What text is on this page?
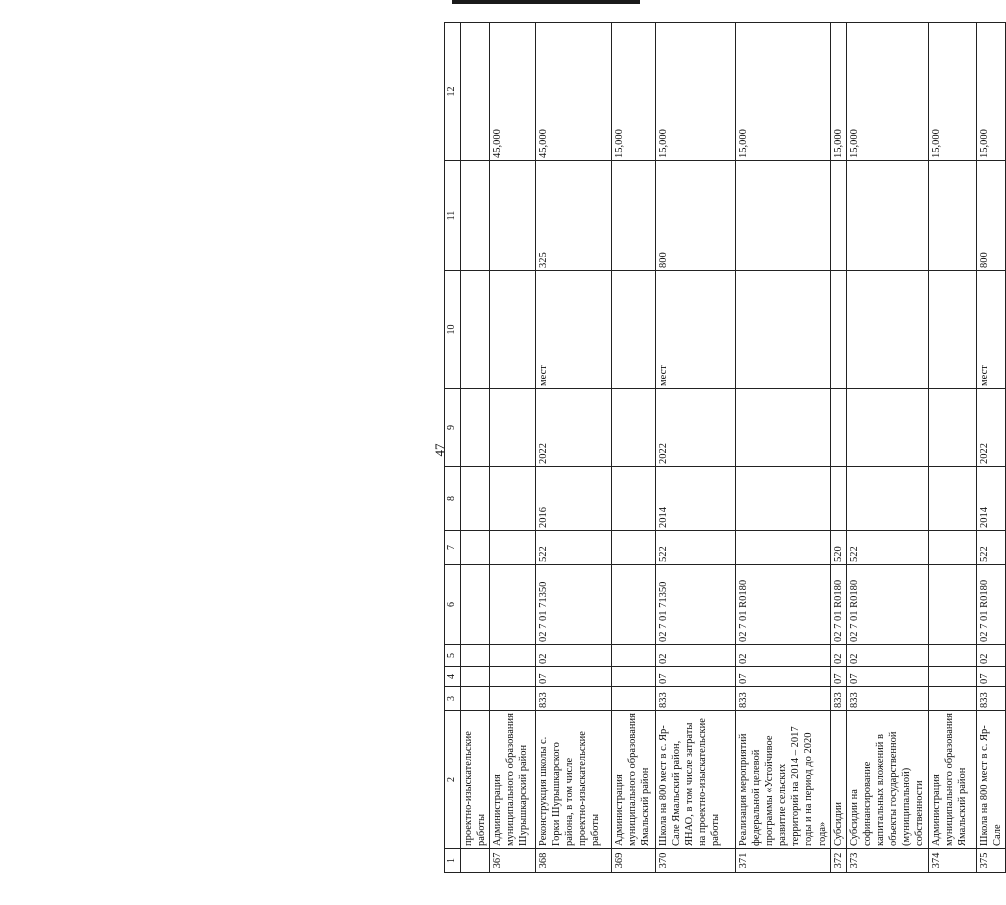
47
1	2	3	4	5	6	7	8	9	10	11	12
	проектно-изыскательские работы										
367	Администрация муниципального образования Шурышкарский район										45,000
368	Реконструкция школы с. Горки Шурышкарского района, в том числе проектно-изыскательские работы	833	07	02	02 7 01 71350	522	2016	2022	мест	325	45,000
369	Администрация муниципального образования Ямальский район										15,000
370	Школа на 800 мест в с. Яр-Сале Ямальский район, ЯНАО, в том числе затраты на проектно-изыскательские работы	833	07	02	02 7 01 71350	522	2014	2022	мест	800	15,000
371	Реализация мероприятий федеральной целевой программы «Устойчивое развитие сельских территорий на 2014 – 2017 годы и на период до 2020 года»	833	07	02	02 7 01 R0180						15,000
372	Субсидии	833	07	02	02 7 01 R0180	520					15,000
373	Субсидии на софинансирование капитальных вложений в объекты государственной (муниципальной) собственности	833	07	02	02 7 01 R0180	522					15,000
374	Администрация муниципального образования Ямальский район										15,000
375	Школа на 800 мест в с. Яр-Сале	833	07	02	02 7 01 R0180	522	2014	2022	мест	800	15,000
